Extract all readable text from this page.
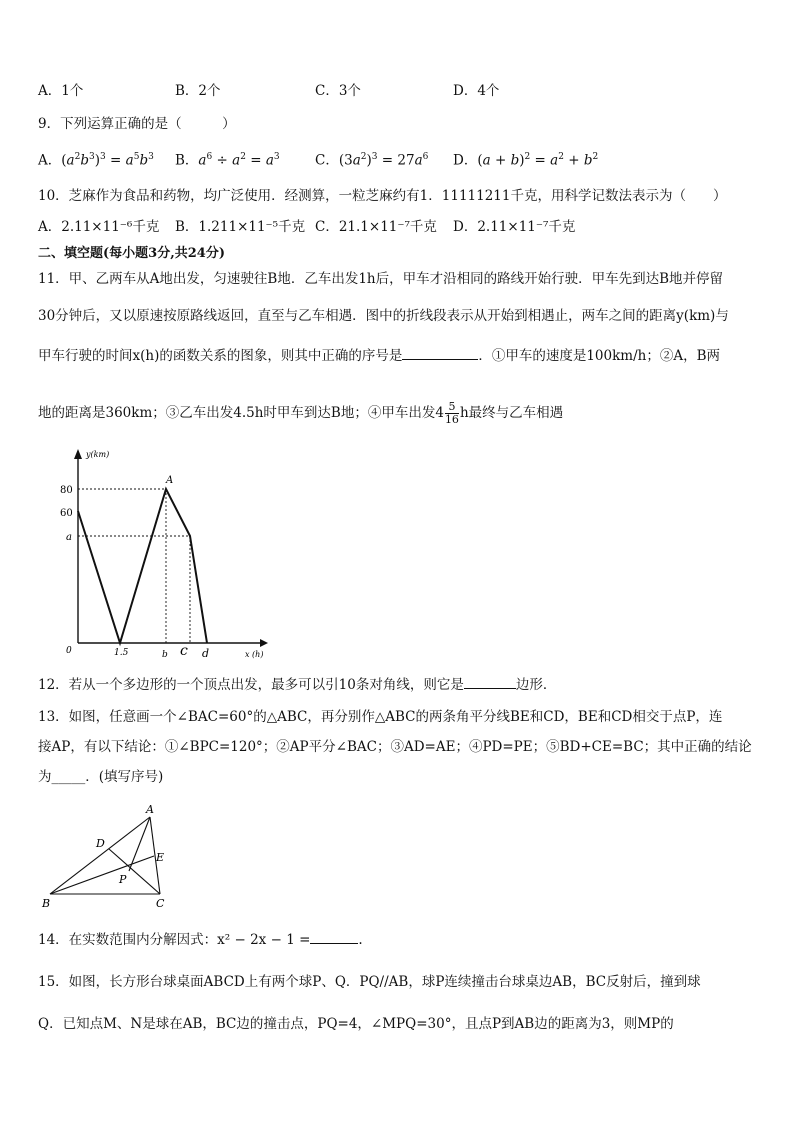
A．1个	B．2个	C．3个	D．4个
9．下列运算正确的是（　　　）
A．$(a^2b^3)^3 = a^5b^3$ B．$a^6 \div a^2 = a^3$	C．$(3a^2)^3 = 27a^6$ D．$(a + b)^2 = a^2 + b^2$
10．芝麻作为食品和药物，均广泛使用．经测算，一粒芝麻约有1．11111211千克，用科学记数法表示为（　　）
A．2.11×11⁻⁶千克 B．1.211×11⁻⁵千克 C．21.1×11⁻⁷千克 D．2.11×11⁻⁷千克
二、填空题(每小题3分,共24分)
11．甲、乙两车从A地出发，匀速驶往B地．乙车出发1h后，甲车才沿相同的路线开始行驶．甲车先到达B地并停留
30分钟后，又以原速按原路线返回，直至与乙车相遇．图中的折线段表示从开始到相遇止，两车之间的距离y(km)与
甲车行驶的时间x(h)的函数关系的图象，则其中正确的序号是	．①甲车的速度是100km/h；②A，B两
地的距离是360km；③乙车出发4.5h时甲车到达B地；④甲车出发$4 \frac{5}{16}$ h最终与乙车相遇
y(km)
x (h)
80
60
a
0	1.5	b c d
A
12．若从一个多边形的一个顶点出发，最多可以引10条对角线，则它是	边形．
13．如图，任意画一个∠BAC=60°的△ABC，再分别作△ABC的两条角平分线BE和CD，BE和CD相交于点P，连
接AP，有以下结论：①∠BPC=120°；②AP平分∠BAC；③AD=AE；④PD=PE；⑤BD+CE=BC；其中正确的结论
为_____．(填写序号)
A
D
E
P
B	C
14．在实数范围内分解因式：x² − 2x − 1 =	.
15．如图，长方形台球桌面ABCD上有两个球P、Q．PQ//AB，球P连续撞击台球桌边AB，BC反射后，撞到球
Q．已知点M、N是球在AB，BC边的撞击点，PQ=4，∠MPQ=30°，且点P到AB边的距离为3，则MP的
